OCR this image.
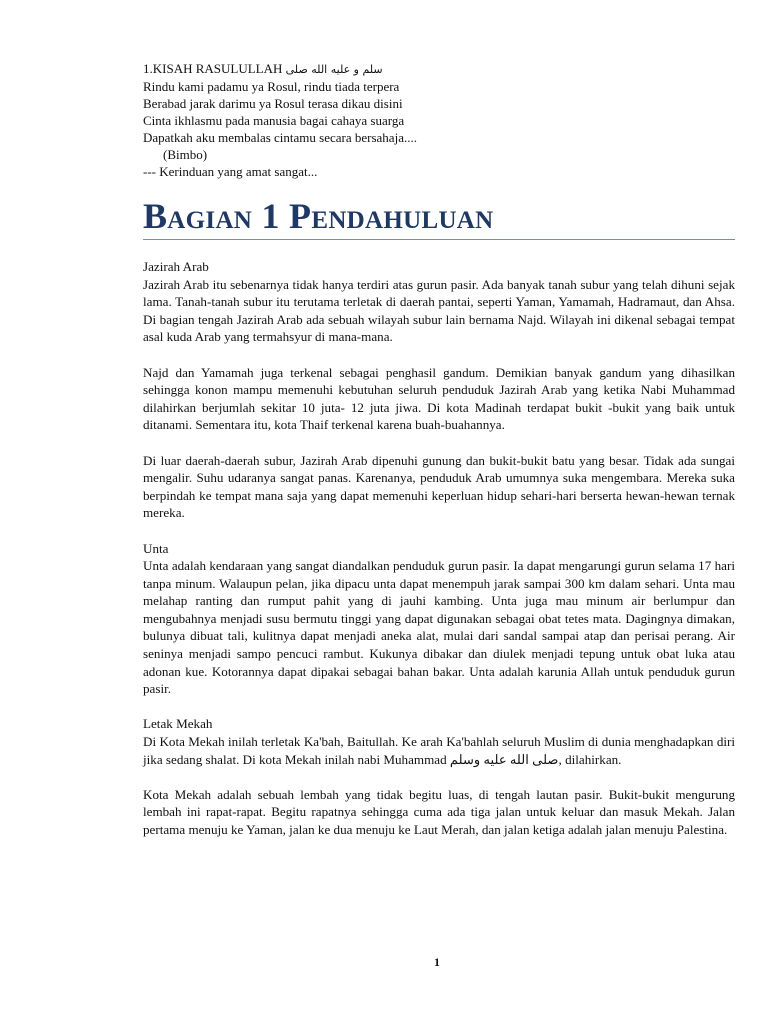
1.KISAH RASULULLAH سلم و عليه الله صلى
Rindu kami padamu ya Rosul, rindu tiada terpera
Berabad jarak darimu ya Rosul terasa dikau disini
Cinta ikhlasmu pada manusia bagai cahaya suarga
Dapatkah aku membalas cintamu secara bersahaja....
(Bimbo)
--- Kerinduan yang amat sangat...
Bagian 1 Pendahuluan
Jazirah Arab
Jazirah Arab itu sebenarnya tidak hanya terdiri atas gurun pasir. Ada banyak tanah subur yang telah dihuni sejak lama. Tanah-tanah subur itu terutama terletak di daerah pantai, seperti Yaman, Yamamah, Hadramaut, dan Ahsa. Di bagian tengah Jazirah Arab ada sebuah wilayah subur lain bernama Najd. Wilayah ini dikenal sebagai tempat asal kuda Arab yang termahsyur di mana-mana.
Najd dan Yamamah juga terkenal sebagai penghasil gandum. Demikian banyak gandum yang dihasilkan sehingga konon mampu memenuhi kebutuhan seluruh penduduk Jazirah Arab yang ketika Nabi Muhammad dilahirkan berjumlah sekitar 10 juta- 12 juta jiwa. Di kota Madinah terdapat bukit -bukit yang baik untuk ditanami. Sementara itu, kota Thaif terkenal karena buah-buahannya.
Di luar daerah-daerah subur, Jazirah Arab dipenuhi gunung dan bukit-bukit batu yang besar. Tidak ada sungai mengalir. Suhu udaranya sangat panas. Karenanya, penduduk Arab umumnya suka mengembara. Mereka suka berpindah ke tempat mana saja yang dapat memenuhi keperluan hidup sehari-hari berserta hewan-hewan ternak mereka.
Unta
Unta adalah kendaraan yang sangat diandalkan penduduk gurun pasir. Ia dapat mengarungi gurun selama 17 hari tanpa minum. Walaupun pelan, jika dipacu unta dapat menempuh jarak sampai 300 km dalam sehari. Unta mau melahap ranting dan rumput pahit yang di jauhi kambing. Unta juga mau minum air berlumpur dan mengubahnya menjadi susu bermutu tinggi yang dapat digunakan sebagai obat tetes mata. Dagingnya dimakan, bulunya dibuat tali, kulitnya dapat menjadi aneka alat, mulai dari sandal sampai atap dan perisai perang. Air seninya menjadi sampo pencuci rambut. Kukunya dibakar dan diulek menjadi tepung untuk obat luka atau adonan kue. Kotorannya dapat dipakai sebagai bahan bakar. Unta adalah karunia Allah untuk penduduk gurun pasir.
Letak Mekah
Di Kota Mekah inilah terletak Ka'bah, Baitullah. Ke arah Ka'bahlah seluruh Muslim di dunia menghadapkan diri jika sedang shalat. Di kota Mekah inilah nabi Muhammad صلى الله عليه وسلم, dilahirkan.
Kota Mekah adalah sebuah lembah yang tidak begitu luas, di tengah lautan pasir. Bukit-bukit mengurung lembah ini rapat-rapat. Begitu rapatnya sehingga cuma ada tiga jalan untuk keluar dan masuk Mekah. Jalan pertama menuju ke Yaman, jalan ke dua menuju ke Laut Merah, dan jalan ketiga adalah jalan menuju Palestina.
1
